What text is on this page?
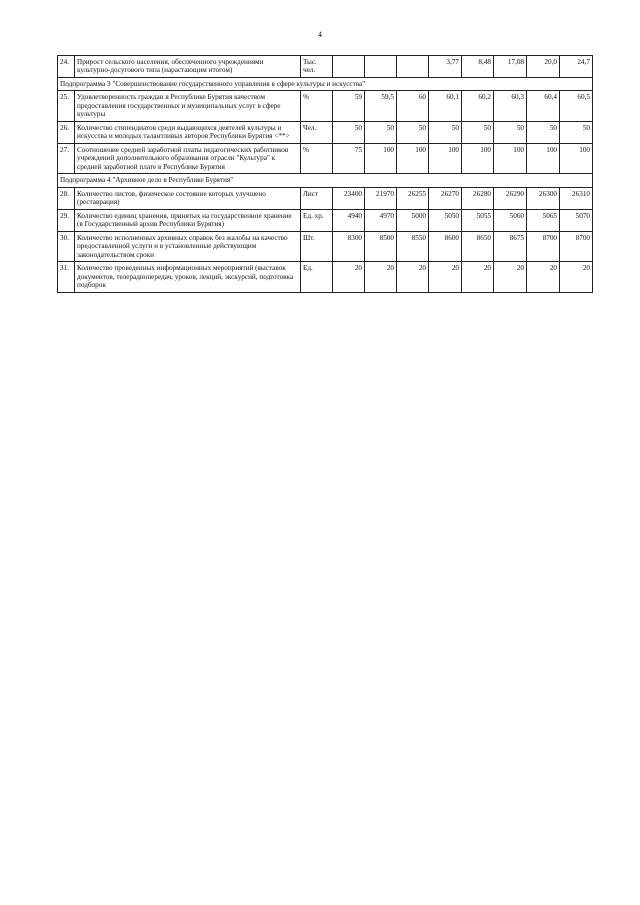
4
24.	Прирост сельского населения, обеспеченного учреждениями культурно-досугового типа (нарастающим итогом)	Тыс. чел.				3,77	8,48	17,08	20,0	24,7
Подпрограмма 3 "Совершенствование государственного управления в сфере культуры и искусства"										
25.	Удовлетворенность граждан в Республике Бурятия качеством предоставления государственных и муниципальных услуг в сфере культуры	%	59	59,5	60	60,1	60,2	60,3	60,4	60,5
26.	Количество стипендиатов среди выдающихся деятелей культуры и искусства и молодых талантливых авторов Республики Бурятия <**>	Чел.	50	50	50	50	50	50	50	50
27.	Соотношение средней заработной платы педагогических работников учреждений дополнительного образования отрасли "Культура" к средней заработной плате в Республике Бурятия	%	75	100	100	100	100	100	100	100
Подпрограмма 4 "Архивное дело в Республике Бурятия"										
28.	Количество листов, физическое состояние которых улучшено (реставрация)	Лист	23400	21970	26255	26270	26280	26290	26300	26310
29.	Количество единиц хранения, принятых на государственное хранение (в Государственный архив Республики Бурятия)	Ед. хр.	4940	4970	5000	5050	5055	5060	5065	5070
30.	Количество исполненных архивных справок без жалобы на качество предоставленной услуги и в установленные действующим законодательством сроки	Шт.	8300	8500	8550	8600	8650	8675	8700	8700
31.	Количество проведенных информационных мероприятий (выставок документов, телерадиопередач, уроков, лекций, экскурсий, подготовка подборок	Ед.	20	20	20	20	20	20	20	20
